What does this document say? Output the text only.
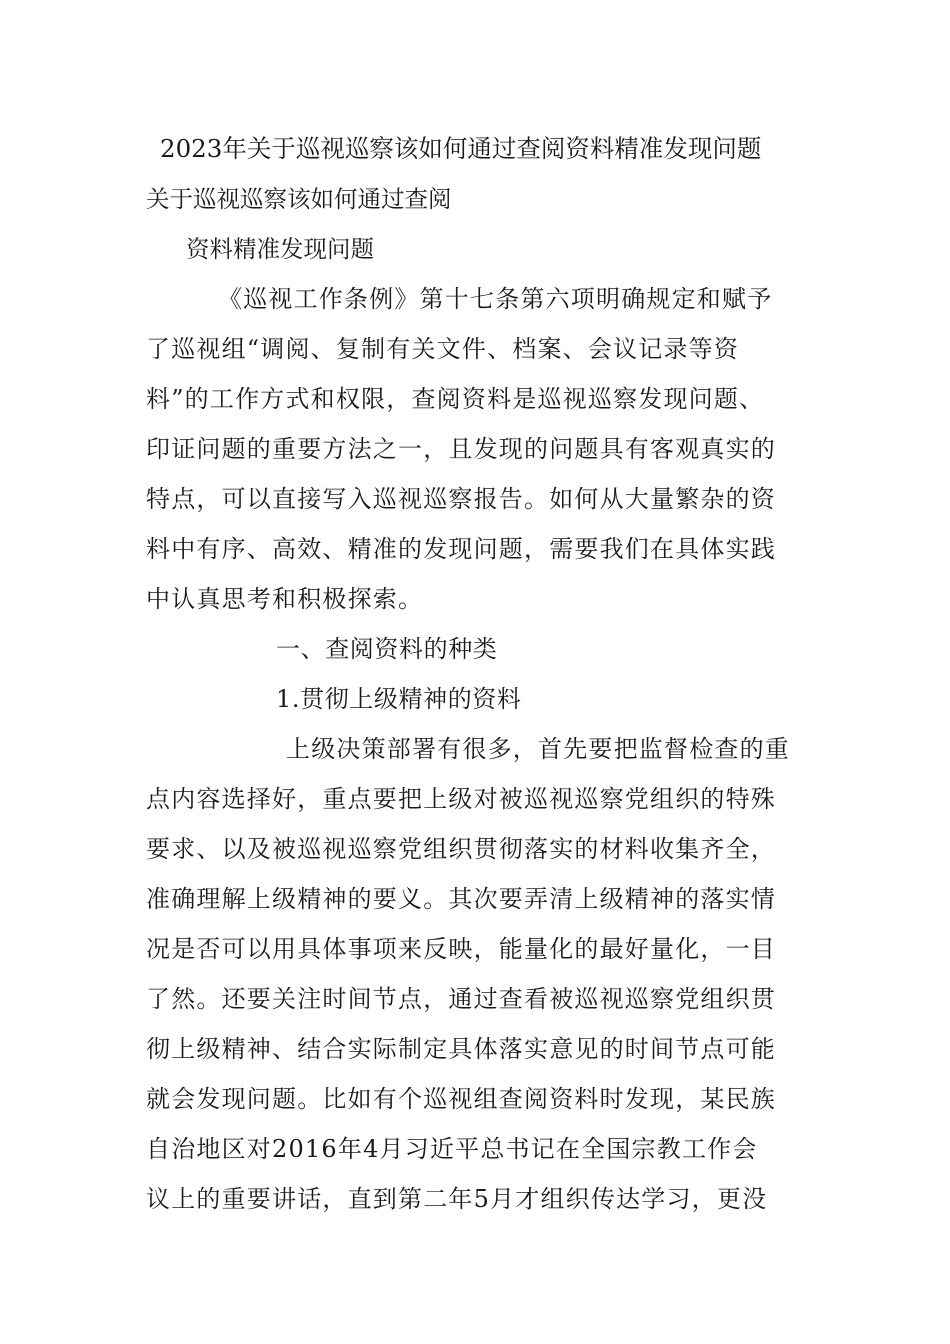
2023年关于巡视巡察该如何通过查阅资料精准发现问题
关于巡视巡察该如何通过查阅
资料精准发现问题
《巡视工作条例》第十七条第六项明确规定和赋予
了巡视组“调阅、复制有关文件、档案、会议记录等资
料”的工作方式和权限，查阅资料是巡视巡察发现问题、
印证问题的重要方法之一，且发现的问题具有客观真实的
特点，可以直接写入巡视巡察报告。如何从大量繁杂的资
料中有序、高效、精准的发现问题，需要我们在具体实践
中认真思考和积极探索。
一、查阅资料的种类
1.贯彻上级精神的资料
上级决策部署有很多，首先要把监督检查的重
点内容选择好，重点要把上级对被巡视巡察党组织的特殊
要求、以及被巡视巡察党组织贯彻落实的材料收集齐全，
准确理解上级精神的要义。其次要弄清上级精神的落实情
况是否可以用具体事项来反映，能量化的最好量化，一目
了然。还要关注时间节点，通过查看被巡视巡察党组织贯
彻上级精神、结合实际制定具体落实意见的时间节点可能
就会发现问题。比如有个巡视组查阅资料时发现，某民族
自治地区对2016年4月习近平总书记在全国宗教工作会
议上的重要讲话，直到第二年5月才组织传达学习，更没
